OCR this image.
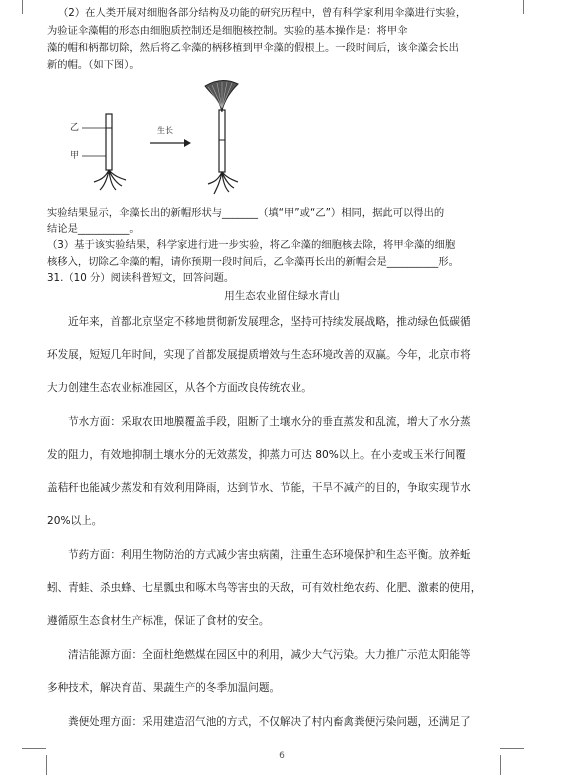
（2）在人类开展对细胞各部分结构及功能的研究历程中，曾有科学家利用伞藻进行实验，
为验证伞藻帽的形态由细胞质控制还是细胞核控制。实验的基本操作是：将甲伞
藻的帽和柄都切除，然后将乙伞藻的柄移植到甲伞藻的假根上。一段时间后，该伞藻会长出
新的帽。（如下图）。
乙
甲
生长
实验结果显示，伞藻长出的新帽形状与_______（填“甲”或“乙”）相同，据此可以得出的
结论是__________。
（3）基于该实验结果，科学家进行进一步实验，将乙伞藻的细胞核去除，将甲伞藻的细胞
核移入，切除乙伞藻的帽，请你预期一段时间后，乙伞藻再长出的新帽会是__________形。
31.（10 分）阅读科普短文，回答问题。
用生态农业留住绿水青山
近年来，首都北京坚定不移地贯彻新发展理念，坚持可持续发展战略，推动绿色低碳循
环发展，短短几年时间，实现了首都发展提质增效与生态环境改善的双赢。今年，北京市将
大力创建生态农业标准园区，从各个方面改良传统农业。
节水方面：采取农田地膜覆盖手段，阻断了土壤水分的垂直蒸发和乱流，增大了水分蒸
发的阻力，有效地抑制土壤水分的无效蒸发，抑蒸力可达 80%以上。在小麦或玉米行间覆
盖秸秆也能减少蒸发和有效利用降雨，达到节水、节能，干旱不减产的目的，争取实现节水
20%以上。
节药方面：利用生物防治的方式减少害虫病菌，注重生态环境保护和生态平衡。放养蚯
蚓、青蛙、杀虫蜂、七星瓢虫和啄木鸟等害虫的天敌，可有效杜绝农药、化肥、激素的使用，
遵循原生态食材生产标准，保证了食材的安全。
清洁能源方面：全面杜绝燃煤在园区中的利用，减少大气污染。大力推广示范太阳能等
多种技术，解决育苗、果蔬生产的冬季加温问题。
粪便处理方面：采用建造沼气池的方式，不仅解决了村内畜禽粪便污染问题，还满足了
6
